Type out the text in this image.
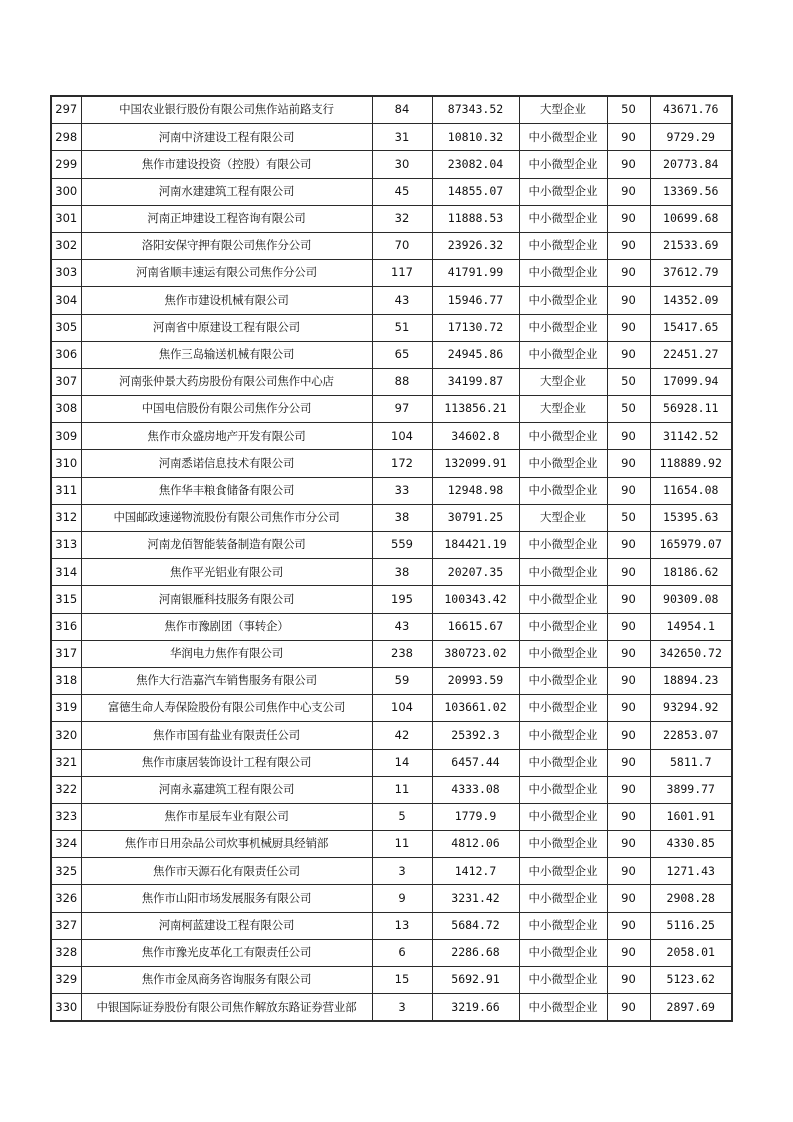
297	中国农业银行股份有限公司焦作站前路支行	84	87343.52	大型企业	50	43671.76
298	河南中济建设工程有限公司	31	10810.32	中小微型企业	90	9729.29
299	焦作市建设投资（控股）有限公司	30	23082.04	中小微型企业	90	20773.84
300	河南水建建筑工程有限公司	45	14855.07	中小微型企业	90	13369.56
301	河南正坤建设工程咨询有限公司	32	11888.53	中小微型企业	90	10699.68
302	洛阳安保守押有限公司焦作分公司	70	23926.32	中小微型企业	90	21533.69
303	河南省顺丰速运有限公司焦作分公司	117	41791.99	中小微型企业	90	37612.79
304	焦作市建设机械有限公司	43	15946.77	中小微型企业	90	14352.09
305	河南省中原建设工程有限公司	51	17130.72	中小微型企业	90	15417.65
306	焦作三岛输送机械有限公司	65	24945.86	中小微型企业	90	22451.27
307	河南张仲景大药房股份有限公司焦作中心店	88	34199.87	大型企业	50	17099.94
308	中国电信股份有限公司焦作分公司	97	113856.21	大型企业	50	56928.11
309	焦作市众盛房地产开发有限公司	104	34602.8	中小微型企业	90	31142.52
310	河南悉诺信息技术有限公司	172	132099.91	中小微型企业	90	118889.92
311	焦作华丰粮食储备有限公司	33	12948.98	中小微型企业	90	11654.08
312	中国邮政速递物流股份有限公司焦作市分公司	38	30791.25	大型企业	50	15395.63
313	河南龙佰智能装备制造有限公司	559	184421.19	中小微型企业	90	165979.07
314	焦作平光铝业有限公司	38	20207.35	中小微型企业	90	18186.62
315	河南银雁科技服务有限公司	195	100343.42	中小微型企业	90	90309.08
316	焦作市豫剧团（事转企）	43	16615.67	中小微型企业	90	14954.1
317	华润电力焦作有限公司	238	380723.02	中小微型企业	90	342650.72
318	焦作大行浩嘉汽车销售服务有限公司	59	20993.59	中小微型企业	90	18894.23
319	富德生命人寿保险股份有限公司焦作中心支公司	104	103661.02	中小微型企业	90	93294.92
320	焦作市国有盐业有限责任公司	42	25392.3	中小微型企业	90	22853.07
321	焦作市康居装饰设计工程有限公司	14	6457.44	中小微型企业	90	5811.7
322	河南永嘉建筑工程有限公司	11	4333.08	中小微型企业	90	3899.77
323	焦作市星辰车业有限公司	5	1779.9	中小微型企业	90	1601.91
324	焦作市日用杂品公司炊事机械厨具经销部	11	4812.06	中小微型企业	90	4330.85
325	焦作市天源石化有限责任公司	3	1412.7	中小微型企业	90	1271.43
326	焦作市山阳市场发展服务有限公司	9	3231.42	中小微型企业	90	2908.28
327	河南柯蓝建设工程有限公司	13	5684.72	中小微型企业	90	5116.25
328	焦作市豫光皮革化工有限责任公司	6	2286.68	中小微型企业	90	2058.01
329	焦作市金凤商务咨询服务有限公司	15	5692.91	中小微型企业	90	5123.62
330	中银国际证券股份有限公司焦作解放东路证券营业部	3	3219.66	中小微型企业	90	2897.69
